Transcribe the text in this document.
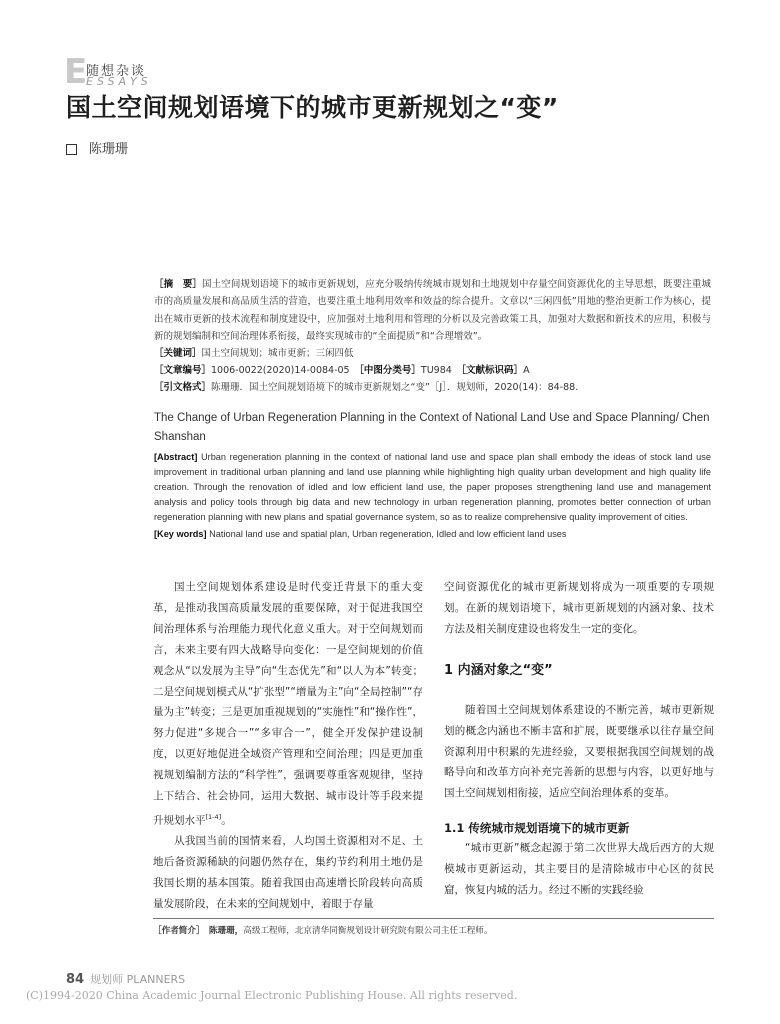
E
随想杂谈
ESSAYS
国土空间规划语境下的城市更新规划之“变”
陈珊珊

［摘　要］国土空间规划语境下的城市更新规划，应充分吸纳传统城市规划和土地规划中存量空间资源优化的主导思想，既要注重城市的高质量发展和高品质生活的营造，也要注重土地利用效率和效益的综合提升。文章以“三闲四低”用地的整治更新工作为核心，提出在城市更新的技术流程和制度建设中，应加强对土地利用和管理的分析以及完善政策工具，加强对大数据和新技术的应用，积极与新的规划编制和空间治理体系衔接，最终实现城市的“全面提质”和“合理增效”。

［关键词］国土空间规划；城市更新；三闲四低

［文章编号］1006-0022(2020)14-0084-05　 ［中图分类号］TU984　 ［文献标识码］A

［引文格式］陈珊珊．国土空间规划语境下的城市更新规划之“变”［J］．规划师，2020(14)：84-88.

The Change of Urban Regeneration Planning in the Context of National Land Use and Space Planning/ Chen Shanshan

[Abstract] Urban regeneration planning in the context of national land use and space plan shall embody the ideas of stock land use improvement in traditional urban planning and land use planning while highlighting high quality urban development and high quality life creation. Through the renovation of idled and low efficient land use, the paper proposes strengthening land use and management analysis and policy tools through big data and new technology in urban regeneration planning, promotes better connection of urban regeneration planning with new plans and spatial governance system, so as to realize comprehensive quality improvement of cities.

[Key words] National land use and spatial plan, Urban regeneration, Idled and low efficient land uses

国土空间规划体系建设是时代变迁背景下的重大变革，是推动我国高质量发展的重要保障，对于促进我国空间治理体系与治理能力现代化意义重大。对于空间规划而言，未来主要有四大战略导向变化：一是空间规划的价值观念从“以发展为主导”向“生态优先”和“以人为本”转变；二是空间规划模式从“扩张型”“增量为主”向“全局控制”“存量为主”转变；三是更加重视规划的“实施性”和“操作性”，努力促进“多规合一”“多审合一”，健全开发保护建设制度，以更好地促进全域资产管理和空间治理；四是更加重视规划编制方法的“科学性”，强调要尊重客观规律，坚持上下结合、社会协同，运用大数据、城市设计等手段来提升规划水平[1-4]。

从我国当前的国情来看，人均国土资源相对不足、土地后备资源稀缺的问题仍然存在，集约节约利用土地仍是我国长期的基本国策。随着我国由高速增长阶段转向高质量发展阶段，在未来的空间规划中，着眼于存量

空间资源优化的城市更新规划将成为一项重要的专项规划。在新的规划语境下，城市更新规划的内涵对象、技术方法及相关制度建设也将发生一定的变化。

1 内涵对象之“变”

随着国土空间规划体系建设的不断完善，城市更新规划的概念内涵也不断丰富和扩展，既要继承以往存量空间资源利用中积累的先进经验，又要根据我国空间规划的战略导向和改革方向补充完善新的思想与内容，以更好地与国土空间规划相衔接，适应空间治理体系的变革。

1.1 传统城市规划语境下的城市更新

“城市更新”概念起源于第二次世界大战后西方的大规模城市更新运动，其主要目的是清除城市中心区的贫民窟，恢复内城的活力。经过不断的实践经验

［作者简介］　 陈珊珊，高级工程师，北京清华同衡规划设计研究院有限公司主任工程师。
84 规划师 PLANNERS
(C)1994-2020 China Academic Journal Electronic Publishing House. All rights reserved.
